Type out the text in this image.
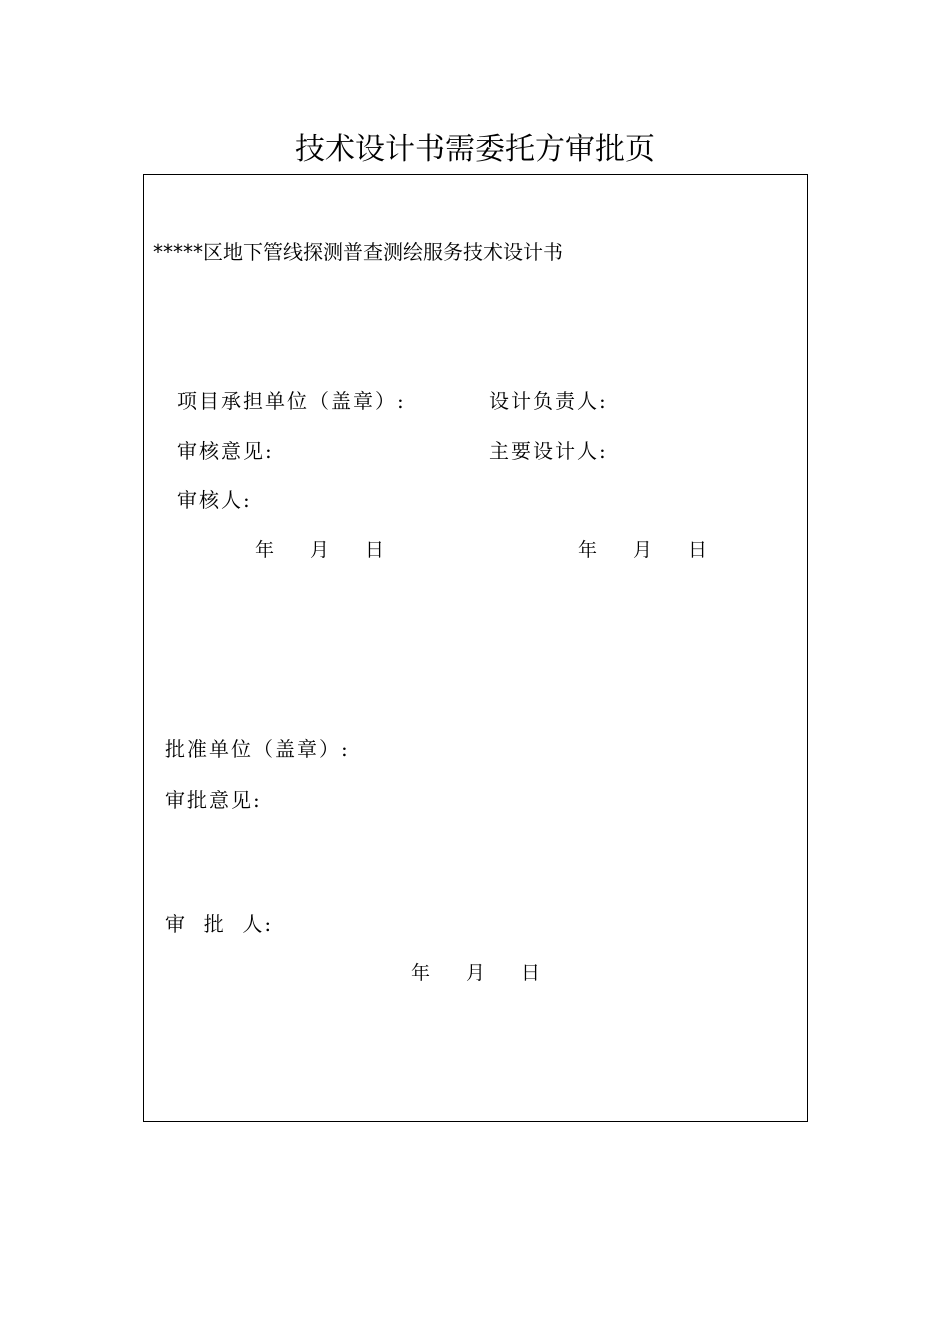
技术设计书需委托方审批页
*****区地下管线探测普查测绘服务技术设计书
项目承担单位（盖章）:	设计负责人:
审核意见:	主要设计人:
审核人:
年 月 日	年 月 日
批准单位（盖章）:
审批意见:
审  批  人:
年 月 日
